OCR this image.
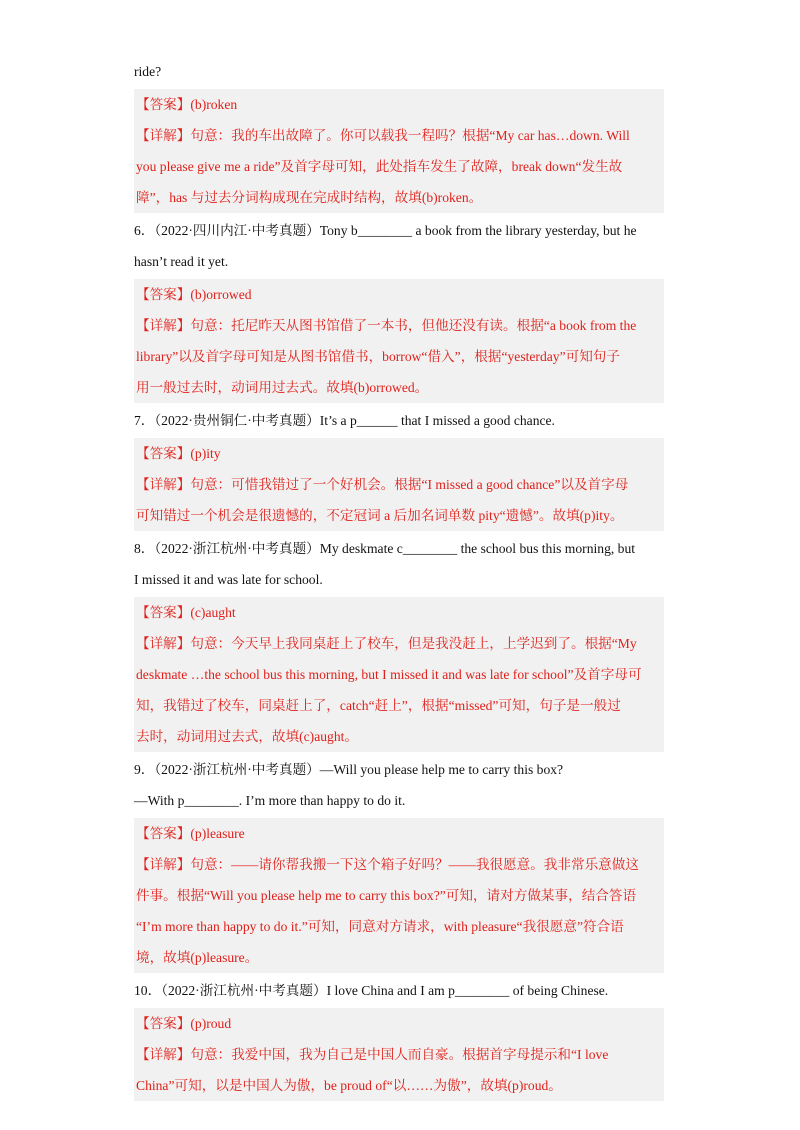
ride?

【答案】(b)roken

【详解】句意：我的车出故障了。你可以载我一程吗？根据“My car has…down. Will

you please give me a ride”及首字母可知，此处指车发生了故障，break down“发生故

障”，has 与过去分词构成现在完成时结构，故填(b)roken。

6．（2022·四川内江·中考真题）Tony b________ a book from the library yesterday, but he
hasn’t read it yet.

【答案】(b)orrowed

【详解】句意：托尼昨天从图书馆借了一本书，但他还没有读。根据“a book from the

library”以及首字母可知是从图书馆借书，borrow“借入”，根据“yesterday”可知句子

用一般过去时，动词用过去式。故填(b)orrowed。

7．（2022·贵州铜仁·中考真题）It’s a p______ that I missed a good chance.

【答案】(p)ity

【详解】句意：可惜我错过了一个好机会。根据“I missed a good chance”以及首字母

可知错过一个机会是很遗憾的，不定冠词 a 后加名词单数 pity“遗憾”。故填(p)ity。

8．（2022·浙江杭州·中考真题）My deskmate c________ the school bus this morning, but
I missed it and was late for school.

【答案】(c)aught

【详解】句意：今天早上我同桌赶上了校车，但是我没赶上，上学迟到了。根据“My

deskmate …the school bus this morning, but I missed it and was late for school”及首字母可

知，我错过了校车，同桌赶上了，catch“赶上”，根据“missed”可知，句子是一般过

去时，动词用过去式，故填(c)aught。

9．（2022·浙江杭州·中考真题）—Will you please help me to carry this box?
—With p________. I’m more than happy to do it.

【答案】(p)leasure

【详解】句意：——请你帮我搬一下这个箱子好吗？——我很愿意。我非常乐意做这

件事。根据“Will you please help me to carry this box?”可知，请对方做某事，结合答语

“I’m more than happy to do it.”可知，同意对方请求，with pleasure“我很愿意”符合语

境，故填(p)leasure。

10．（2022·浙江杭州·中考真题）I love China and I am p________ of being Chinese.

【答案】(p)roud

【详解】句意：我爱中国，我为自己是中国人而自豪。根据首字母提示和“I love

China”可知，以是中国人为傲，be proud of“以……为傲”，故填(p)roud。
